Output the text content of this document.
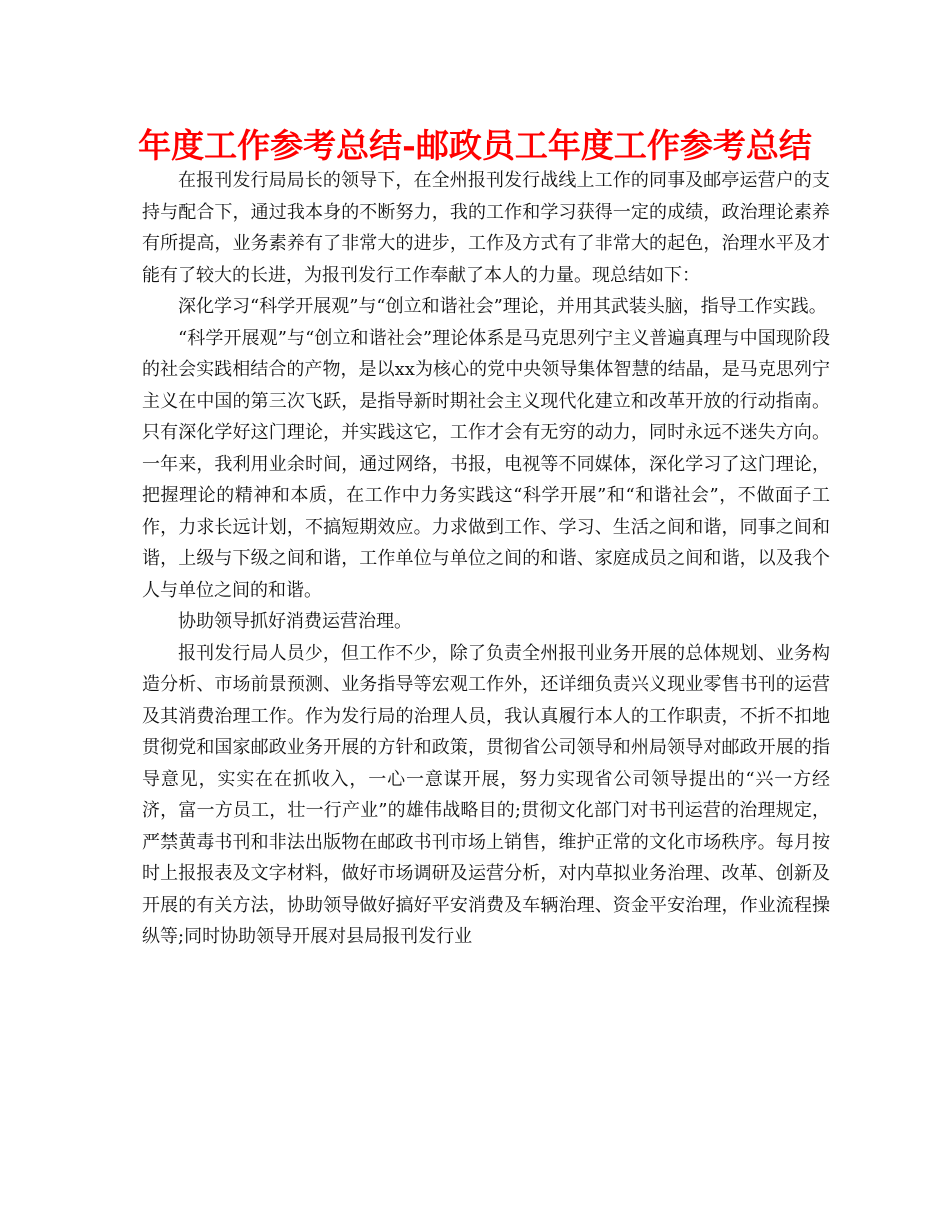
年度工作参考总结-邮政员工年度工作参考总结

在报刊发行局局长的领导下，在全州报刊发行战线上工作的同事及邮亭运营户的支持与配合下，通过我本身的不断努力，我的工作和学习获得一定的成绩，政治理论素养有所提高，业务素养有了非常大的进步，工作及方式有了非常大的起色，治理水平及才能有了较大的长进，为报刊发行工作奉献了本人的力量。现总结如下：

深化学习“科学开展观”与“创立和谐社会”理论，并用其武装头脑，指导工作实践。

“科学开展观”与“创立和谐社会”理论体系是马克思列宁主义普遍真理与中国现阶段的社会实践相结合的产物，是以xx为核心的党中央领导集体智慧的结晶，是马克思列宁主义在中国的第三次飞跃，是指导新时期社会主义现代化建立和改革开放的行动指南。只有深化学好这门理论，并实践这它，工作才会有无穷的动力，同时永远不迷失方向。一年来，我利用业余时间，通过网络，书报，电视等不同媒体，深化学习了这门理论，把握理论的精神和本质，在工作中力务实践这“科学开展”和“和谐社会”，不做面子工作，力求长远计划，不搞短期效应。力求做到工作、学习、生活之间和谐，同事之间和谐，上级与下级之间和谐，工作单位与单位之间的和谐、家庭成员之间和谐，以及我个人与单位之间的和谐。

协助领导抓好消费运营治理。

报刊发行局人员少，但工作不少，除了负责全州报刊业务开展的总体规划、业务构造分析、市场前景预测、业务指导等宏观工作外，还详细负责兴义现业零售书刊的运营及其消费治理工作。作为发行局的治理人员，我认真履行本人的工作职责，不折不扣地贯彻党和国家邮政业务开展的方针和政策，贯彻省公司领导和州局领导对邮政开展的指导意见，实实在在抓收入，一心一意谋开展，努力实现省公司领导提出的“兴一方经济，富一方员工，壮一行产业”的雄伟战略目的;贯彻文化部门对书刊运营的治理规定，严禁黄毒书刊和非法出版物在邮政书刊市场上销售，维护正常的文化市场秩序。每月按时上报报表及文字材料，做好市场调研及运营分析，对内草拟业务治理、改革、创新及开展的有关方法，协助领导做好搞好平安消费及车辆治理、资金平安治理，作业流程操纵等;同时协助领导开展对县局报刊发行业
